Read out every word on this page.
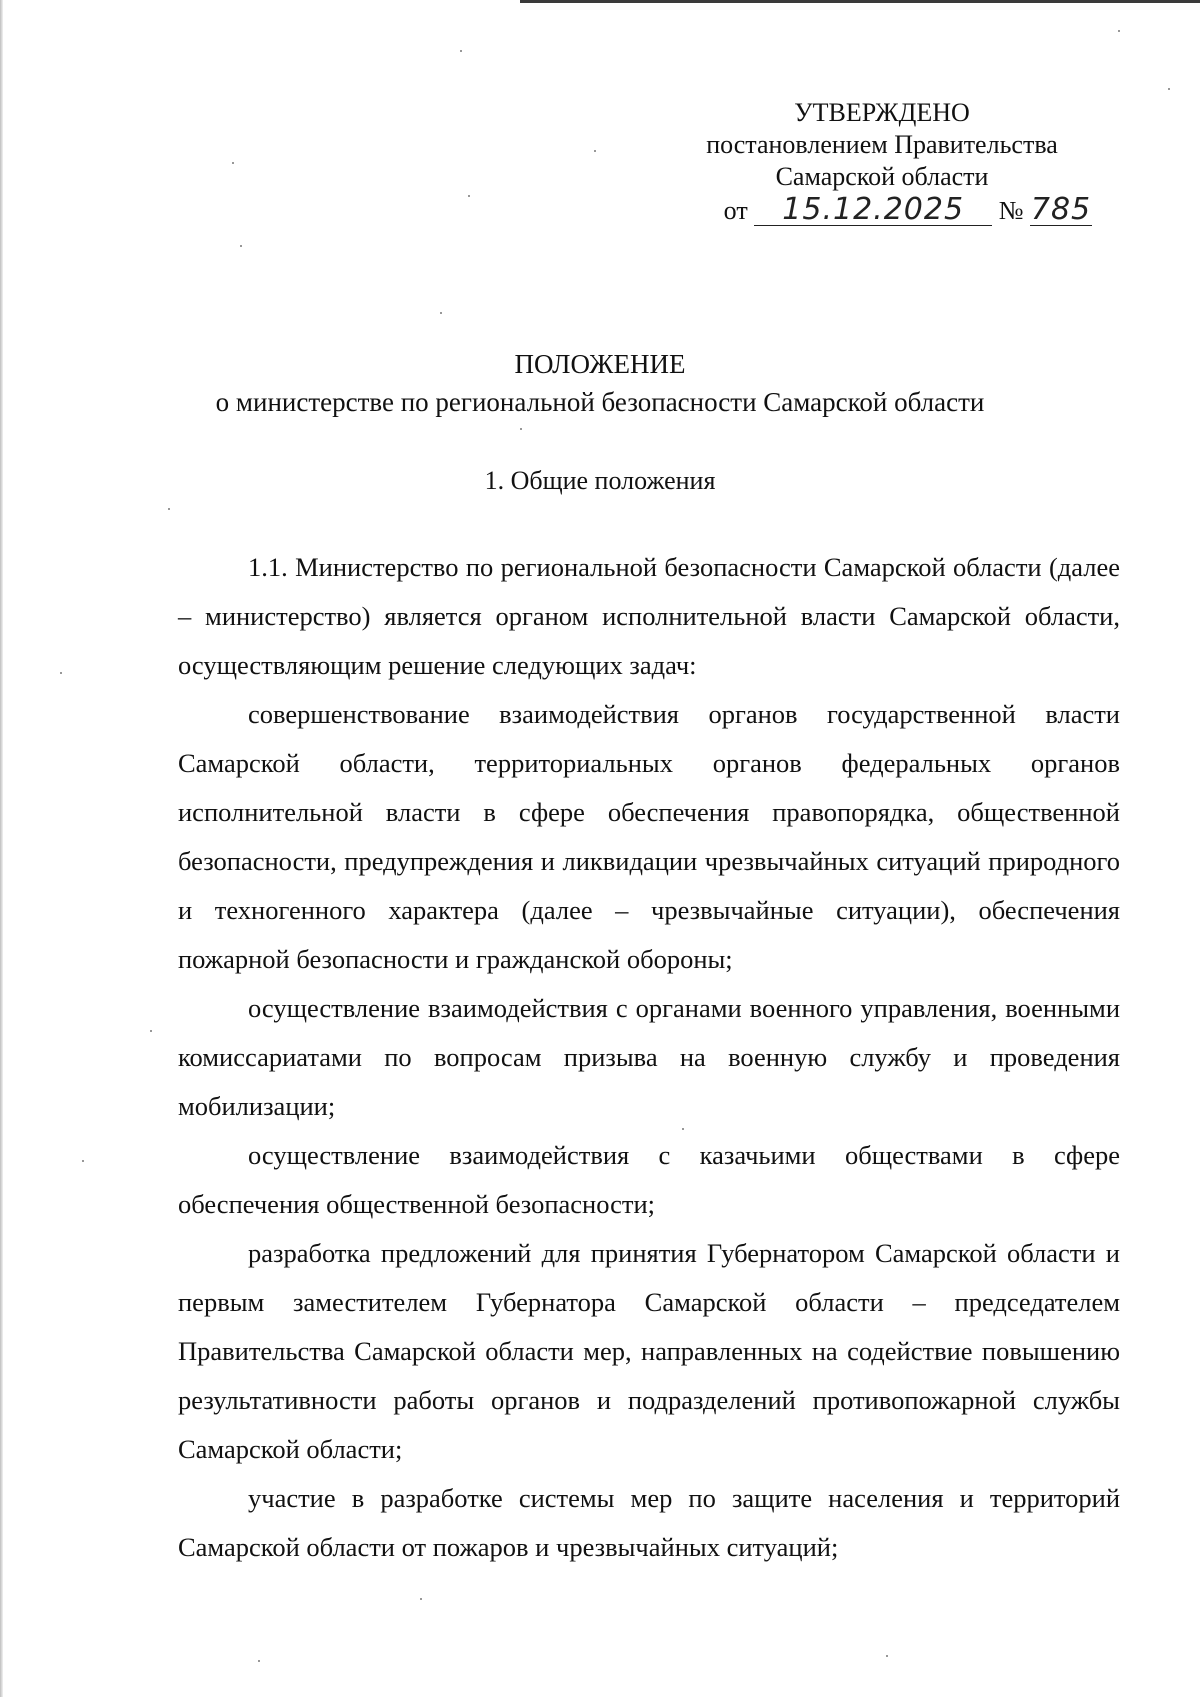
УТВЕРЖДЕНО
постановлением Правительства
Самарской области
от 15.12.2025 № 785
ПОЛОЖЕНИЕ
о министерстве по региональной безопасности Самарской области
1. Общие положения

1.1. Министерство по региональной безопасности Самарской области (далее – министерство) является органом исполнительной власти Самарской области, осуществляющим решение следующих задач:

совершенствование взаимодействия органов государственной власти Самарской области, территориальных органов федеральных органов исполнительной власти в сфере обеспечения правопорядка, общественной безопасности, предупреждения и ликвидации чрезвычайных ситуаций природного и техногенного характера (далее – чрезвычайные ситуации), обеспечения пожарной безопасности и гражданской обороны;

осуществление взаимодействия с органами военного управления, военными комиссариатами по вопросам призыва на военную службу и проведения мобилизации;

осуществление взаимодействия с казачьими обществами в сфере обеспечения общественной безопасности;

разработка предложений для принятия Губернатором Самарской области и первым заместителем Губернатора Самарской области – председателем Правительства Самарской области мер, направленных на содействие повышению результативности работы органов и подразделений противопожарной службы Самарской области;

участие в разработке системы мер по защите населения и территорий Самарской области от пожаров и чрезвычайных ситуаций;
